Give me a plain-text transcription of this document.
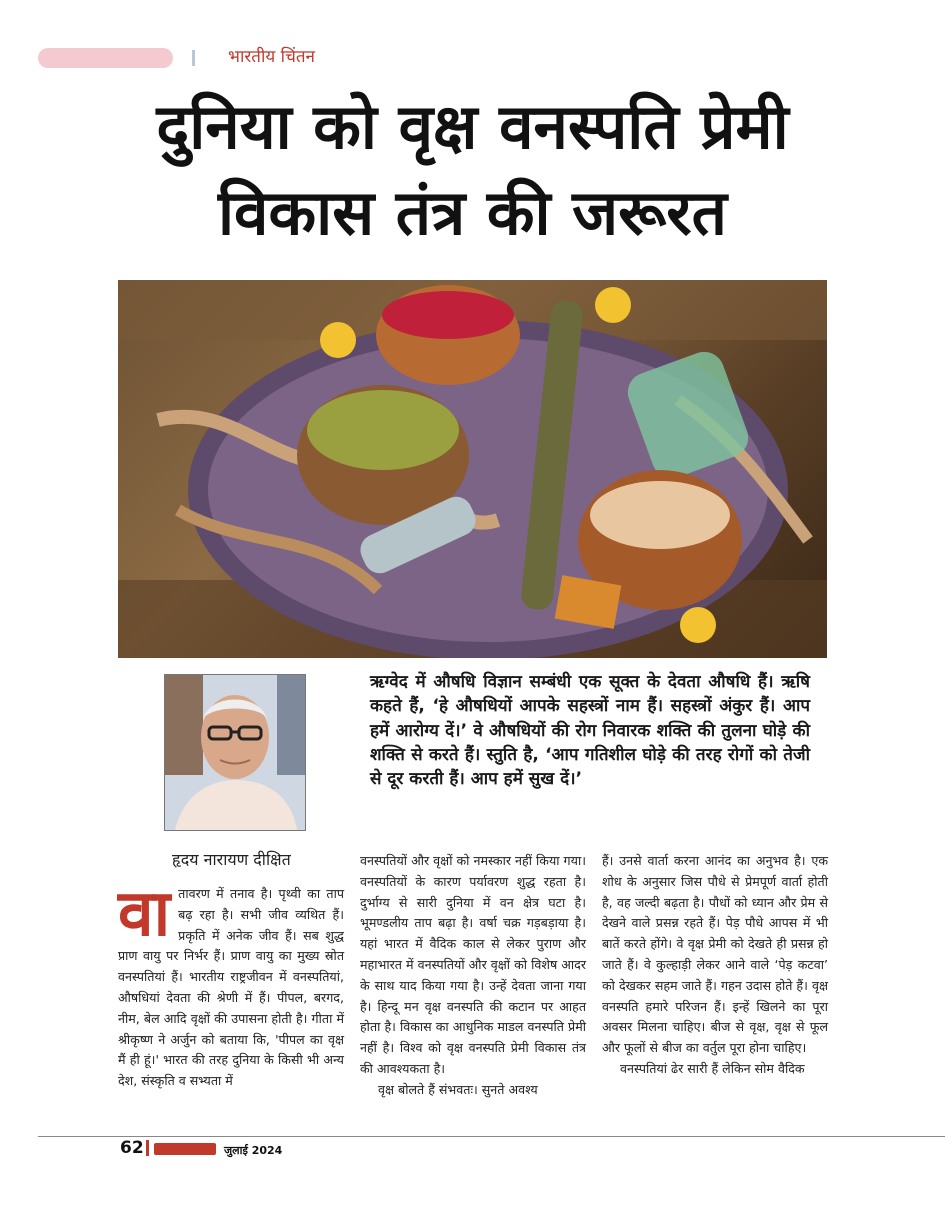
भारतीय चिंतन
दुनिया को वृक्ष वनस्पति प्रेमी
विकास तंत्र की जरूरत
ऋग्वेद में औषधि विज्ञान सम्बंधी एक सूक्त के देवता औषधि हैं। ऋषि कहते हैं, ‘हे औषधियों आपके सहस्त्रों नाम हैं। सहस्त्रों अंकुर हैं। आप हमें आरोग्य दें।’ वे औषधियों की रोग निवारक शक्ति की तुलना घोड़े की शक्ति से करते हैं। स्तुति है, ‘आप गतिशील घोड़े की तरह रोगों को तेजी से दूर करती हैं। आप हमें सुख दें।’
हृदय नारायण दीक्षित
वा तावरण में तनाव है। पृथ्वी का ताप बढ़ रहा है। सभी जीव व्यथित हैं। प्रकृति में अनेक जीव हैं। सब शुद्ध प्राण वायु पर निर्भर हैं। प्राण वायु का मुख्य स्रोत वनस्पतियां हैं। भारतीय राष्ट्रजीवन में वनस्पतियां, औषधियां देवता की श्रेणी में हैं। पीपल, बरगद, नीम, बेल आदि वृक्षों की उपासना होती है। गीता में श्रीकृष्ण ने अर्जुन को बताया कि, 'पीपल का वृक्ष मैं ही हूं।' भारत की तरह दुनिया के किसी भी अन्य देश, संस्कृति व सभ्यता में

वनस्पतियों और वृक्षों को नमस्कार नहीं किया गया। वनस्पतियों के कारण पर्यावरण शुद्ध रहता है। दुर्भाग्य से सारी दुनिया में वन क्षेत्र घटा है। भूमण्डलीय ताप बढ़ा है। वर्षा चक्र गड़बड़ाया है। यहां भारत में वैदिक काल से लेकर पुराण और महाभारत में वनस्पतियों और वृक्षों को विशेष आदर के साथ याद किया गया है। उन्हें देवता जाना गया है। हिन्दू मन वृक्ष वनस्पति की कटान पर आहत होता है। विकास का आधुनिक माडल वनस्पति प्रेमी नहीं है। विश्व को वृक्ष वनस्पति प्रेमी विकास तंत्र की आवश्यकता है।

वृक्ष बोलते हैं संभवतः। सुनते अवश्य

हैं। उनसे वार्ता करना आनंद का अनुभव है। एक शोध के अनुसार जिस पौधे से प्रेमपूर्ण वार्ता होती है, वह जल्दी बढ़ता है। पौधों को ध्यान और प्रेम से देखने वाले प्रसन्न रहते हैं। पेड़ पौधे आपस में भी बातें करते होंगे। वे वृक्ष प्रेमी को देखते ही प्रसन्न हो जाते हैं। वे कुल्हाड़ी लेकर आने वाले ‘पेड़ कटवा’ को देखकर सहम जाते हैं। गहन उदास होते हैं। वृक्ष वनस्पति हमारे परिजन हैं। इन्हें खिलने का पूरा अवसर मिलना चाहिए। बीज से वृक्ष, वृक्ष से फूल और फूलों से बीज का वर्तुल पूरा होना चाहिए।

वनस्पतियां ढेर सारी हैं लेकिन सोम वैदिक

62	जुलाई 2024
